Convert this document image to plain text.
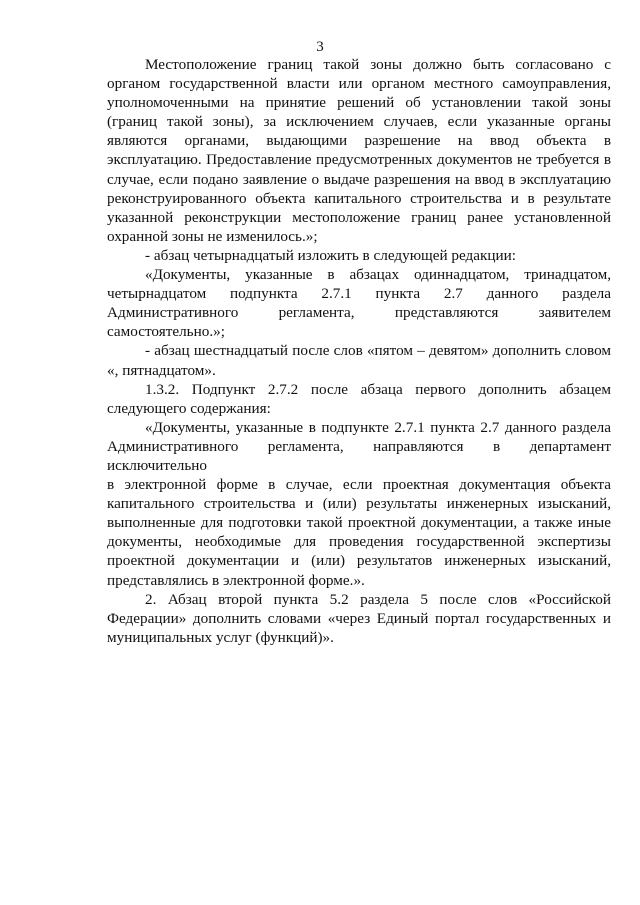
3

Местоположение границ такой зоны должно быть согласовано с
органом государственной власти или органом местного самоуправления,
уполномоченными на принятие решений об установлении такой зоны
(границ такой зоны), за исключением случаев, если указанные органы
являются органами, выдающими разрешение на ввод объекта в
эксплуатацию. Предоставление предусмотренных документов не требуется в
случае, если подано заявление о выдаче разрешения на ввод в эксплуатацию
реконструированного объекта капитального строительства и в результате
указанной реконструкции местоположение границ ранее установленной
охранной зоны не изменилось.»;

- абзац четырнадцатый изложить в следующей редакции:

«Документы, указанные в абзацах одиннадцатом, тринадцатом,
четырнадцатом подпункта 2.7.1 пункта 2.7 данного раздела
Административного регламента, представляются заявителем
самостоятельно.»;

- абзац шестнадцатый после слов «пятом – девятом» дополнить словом
«, пятнадцатом».

1.3.2. Подпункт 2.7.2 после абзаца первого дополнить абзацем
следующего содержания:

«Документы, указанные в подпункте 2.7.1 пункта 2.7 данного раздела
Административного регламента, направляются в департамент исключительно
в электронной форме в случае, если проектная документация объекта
капитального строительства и (или) результаты инженерных изысканий,
выполненные для подготовки такой проектной документации, а также иные
документы, необходимые для проведения государственной экспертизы
проектной документации и (или) результатов инженерных изысканий,
представлялись в электронной форме.».

2. Абзац второй пункта 5.2 раздела 5 после слов «Российской
Федерации» дополнить словами «через Единый портал государственных и
муниципальных услуг (функций)».
